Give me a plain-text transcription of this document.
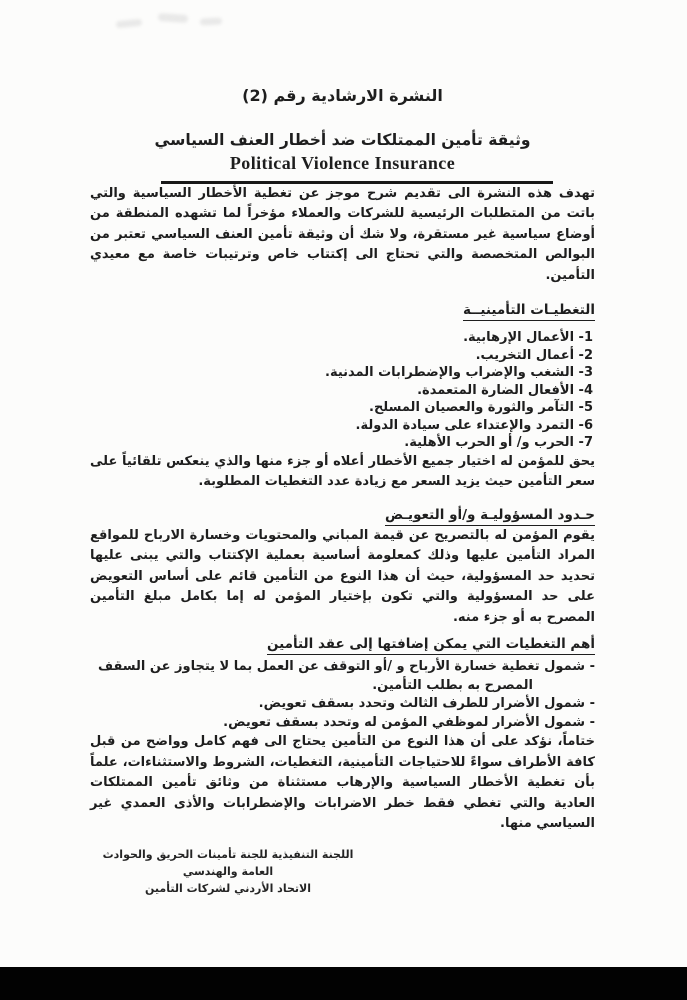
النشرة الارشادية رقم (2)
وثيقة تأمين الممتلكات ضد أخطار العنف السياسي
Political Violence Insurance

تهدف هذه النشرة الى تقديم شرح موجز عن تغطية الأخطار السياسية والتي باتت من المتطلبات الرئيسية للشركات والعملاء مؤخراً لما تشهده المنطقة من أوضاع سياسية غير مستقرة، ولا شك أن وثيقة تأمين العنف السياسي تعتبر من البوالص المتخصصة والتي تحتاج الى إكتتاب خاص وترتيبات خاصة مع معيدي التأمين.

التغطيـات التأمينيــة
1- الأعمال الإرهابية.
2- أعمال التخريب.
3- الشغب والإضراب والإضطرابات المدنية.
4- الأفعال الضارة المتعمدة.
5- التآمر والثورة والعصيان المسلح.
6- التمرد والإعتداء على سيادة الدولة.
7- الحرب و/ أو الحرب الأهلية.

يحق للمؤمن له اختيار جميع الأخطار أعلاه أو جزء منها والذي ينعكس تلقائياً على سعر التأمين حيث يزيد السعر مع زيادة عدد التغطيات المطلوبة.

حـدود المسؤوليـة و/أو التعويـض

يقوم المؤمن له بالتصريح عن قيمة المباني والمحتويات وخسارة الارباح للمواقع المراد التأمين عليها وذلك كمعلومة أساسية بعملية الإكتتاب والتي يبنى عليها تحديد حد المسؤولية، حيث أن هذا النوع من التأمين قائم على أساس التعويض على حد المسؤولية والتي تكون بإختيار المؤمن له إما بكامل مبلغ التأمين المصرح به أو جزء منه.

أهم التغطيات التي يمكن إضافتها إلى عقد التأمين
- شمول تغطية خسارة الأرباح و /أو التوقف عن العمل بما لا يتجاوز عن السقف المصرح به بطلب التأمين.
- شمول الأضرار للطرف الثالث وتحدد بسقف تعويض.
- شمول الأضرار لموظفي المؤمن له وتحدد بسقف تعويض.

ختاماً، نؤكد على أن هذا النوع من التأمين يحتاج الى فهم كامل وواضح من قبل كافة الأطراف سواءً للاحتياجات التأمينية، التغطيات، الشروط والاستثناءات، علماً بأن تغطية الأخطار السياسية والإرهاب مستثناة من وثائق تأمين الممتلكات العادية والتي تغطي فقط خطر الاضرابات والإضطرابات والأذى العمدي غير السياسي منها.

اللجنة التنفيذية للجنة تأمينات الحريق والحوادث العامة والهندسي
الاتحاد الأردني لشركات التأمين
